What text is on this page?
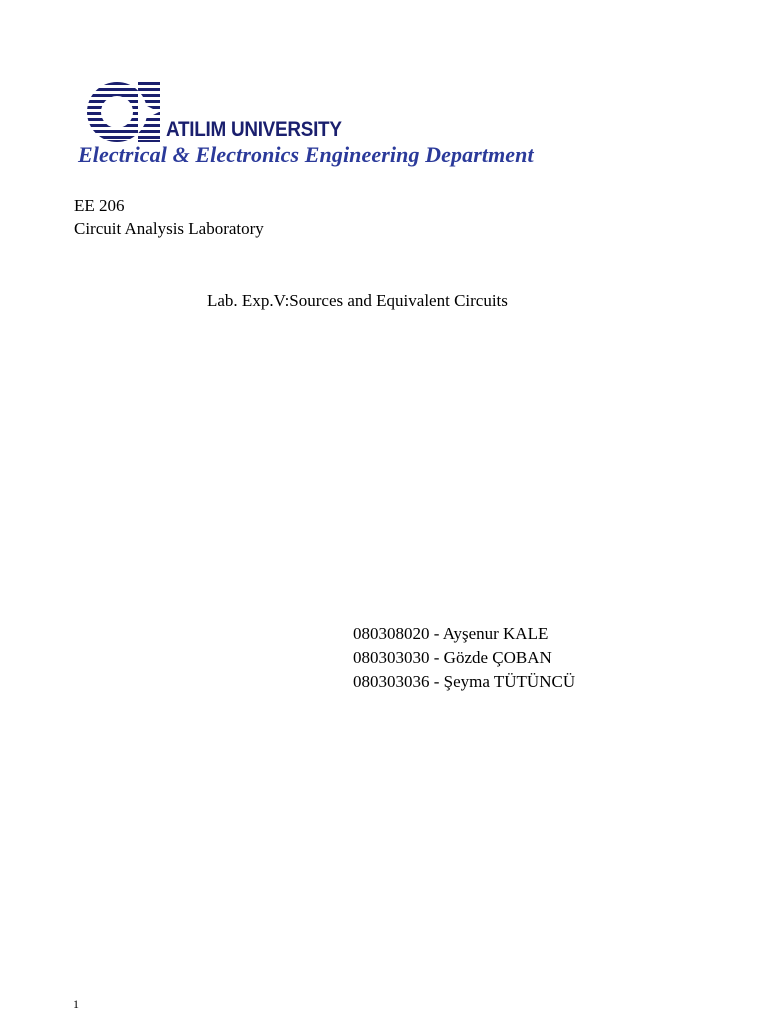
ATILIM UNIVERSITY
Electrical & Electronics Engineering Department
EE 206
Circuit Analysis Laboratory
Lab. Exp.V:Sources and Equivalent Circuits
080308020 - Ayşenur KALE
080303030 - Gözde ÇOBAN
080303036 - Şeyma TÜTÜNCÜ
1
